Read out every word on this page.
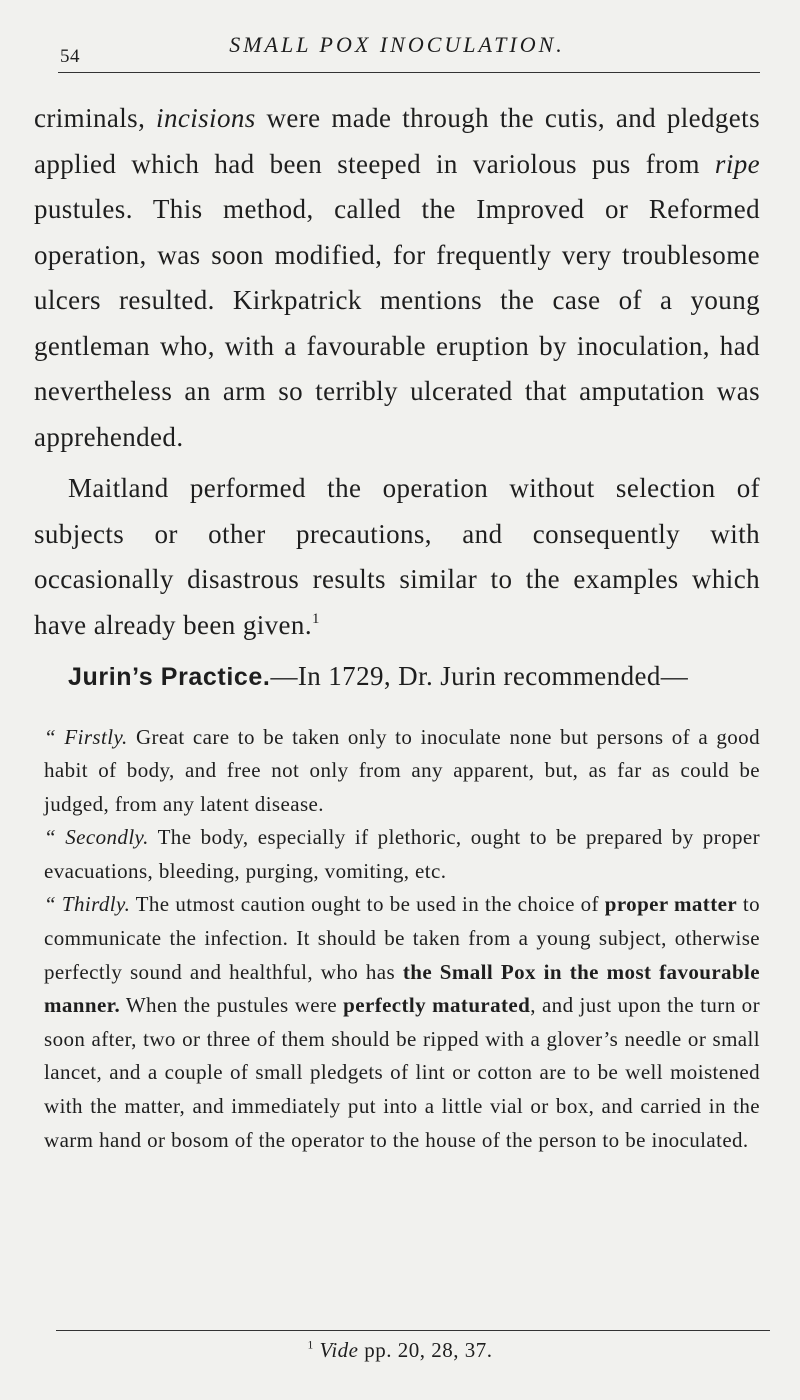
54	SMALL POX INOCULATION.

criminals, incisions were made through the cutis, and pledgets applied which had been steeped in variolous pus from ripe pustules. This method, called the Improved or Reformed operation, was soon modified, for frequently very troublesome ulcers resulted. Kirkpatrick mentions the case of a young gentleman who, with a favourable eruption by inoculation, had nevertheless an arm so terribly ulcerated that amputation was apprehended.

Maitland performed the operation without selection of subjects or other precautions, and consequently with occasionally disastrous results similar to the examples which have already been given.$^1$

Jurin’s Practice.—In 1729, Dr. Jurin recommended—

“ Firstly. Great care to be taken only to inoculate none but persons of a good habit of body, and free not only from any apparent, but, as far as could be judged, from any latent disease.

“ Secondly. The body, especially if plethoric, ought to be prepared by proper evacuations, bleeding, purging, vomiting, etc.

“ Thirdly. The utmost caution ought to be used in the choice of proper matter to communicate the infection. It should be taken from a young subject, otherwise perfectly sound and healthful, who has the Small Pox in the most favourable manner. When the pustules were perfectly maturated, and just upon the turn or soon after, two or three of them should be ripped with a glover’s needle or small lancet, and a couple of small pledgets of lint or cotton are to be well moistened with the matter, and immediately put into a little vial or box, and carried in the warm hand or bosom of the operator to the house of the person to be inoculated.

$^1$ Vide pp. 20, 28, 37.
